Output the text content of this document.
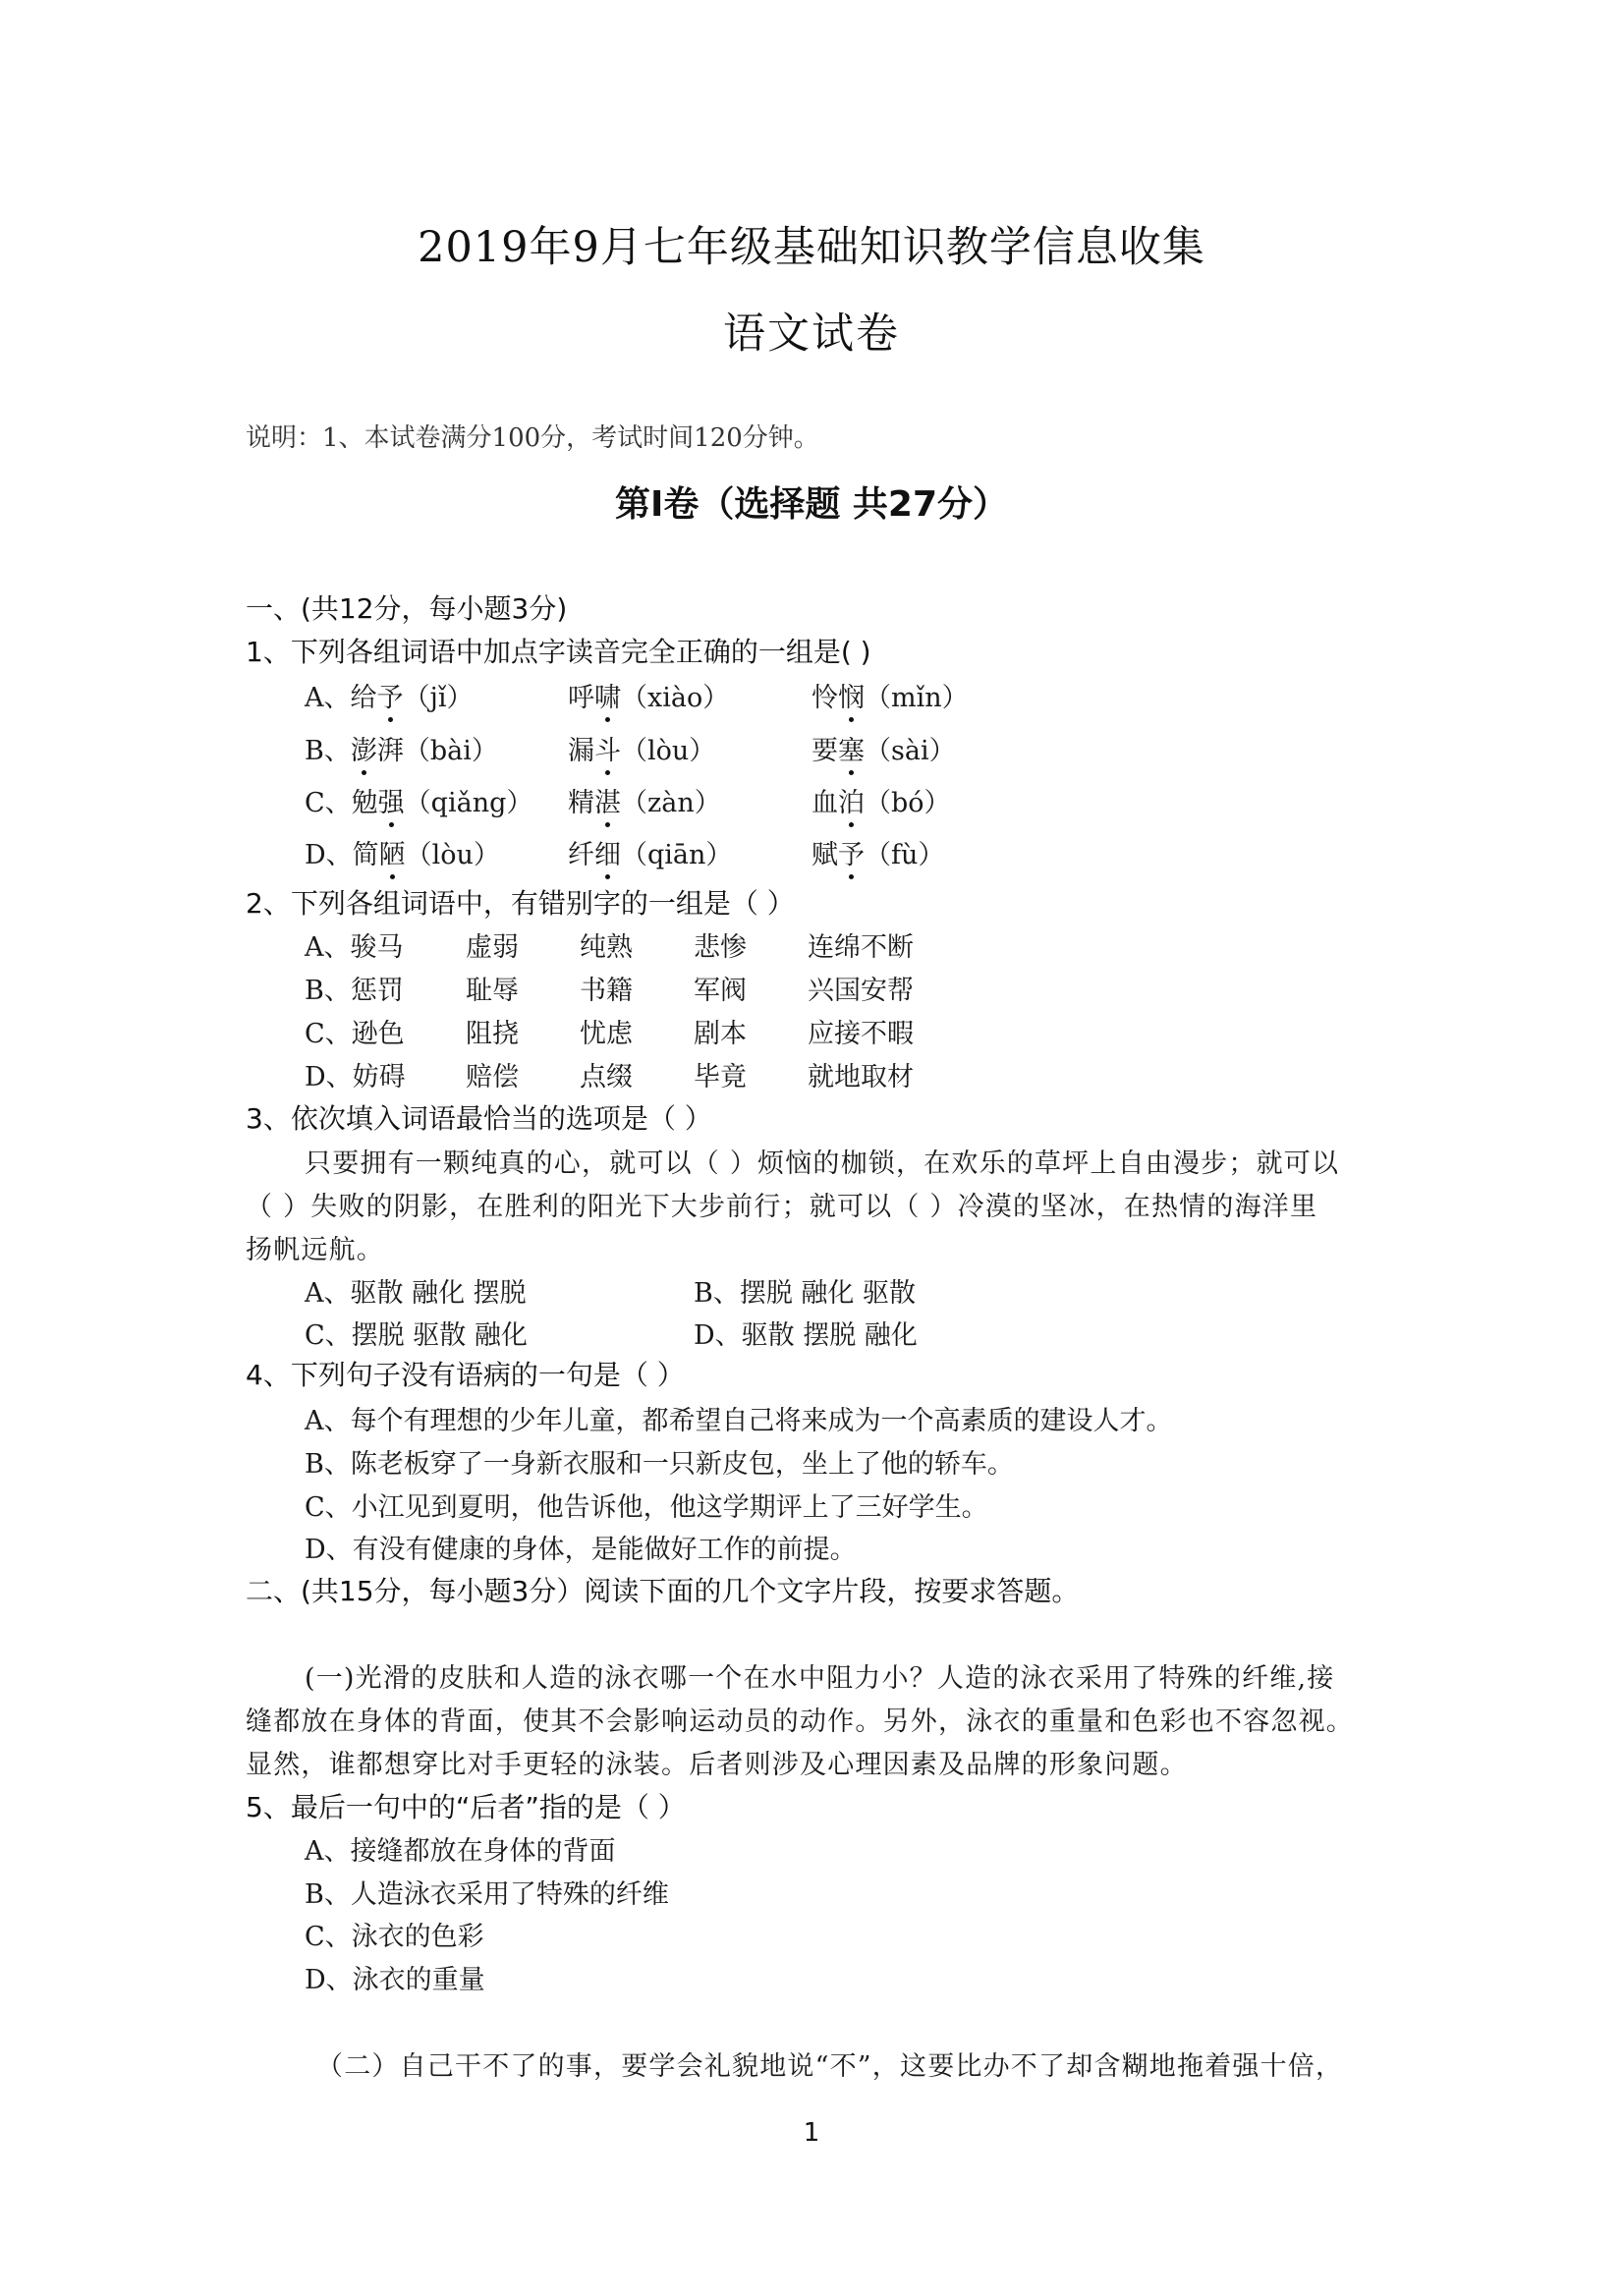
2019年9月七年级基础知识教学信息收集
语文试卷
说明：1、本试卷满分100分，考试时间120分钟。
第Ⅰ卷（选择题 共27分）
一、(共12分，每小题3分)
1、下列各组词语中加点字读音完全正确的一组是( )
A、给予（jǐ）	呼啸（xiào）	怜悯（mǐn）
B、澎湃（bài）	漏斗（lòu）	要塞（sài）
C、勉强（qiǎng） 精湛（zàn）	血泊（bó）
D、简陋（lòu）	纤细（qiān）	赋予（fù）
2、下列各组词语中，有错别字的一组是（ ）
A、骏马 虚弱 纯熟 悲惨 连绵不断
B、惩罚 耻辱 书籍 军阀 兴国安帮
C、逊色 阻挠 忧虑 剧本 应接不暇
D、妨碍 赔偿 点缀 毕竟 就地取材
3、依次填入词语最恰当的选项是（ ）
只要拥有一颗纯真的心，就可以（ ）烦恼的枷锁，在欢乐的草坪上自由漫步；就可以
（ ）失败的阴影，在胜利的阳光下大步前行；就可以（ ）冷漠的坚冰，在热情的海洋里
扬帆远航。
A、驱散 融化 摆脱	B、摆脱 融化 驱散
C、摆脱 驱散 融化	D、驱散 摆脱 融化
4、下列句子没有语病的一句是（ ）
A、每个有理想的少年儿童，都希望自己将来成为一个高素质的建设人才。
B、陈老板穿了一身新衣服和一只新皮包，坐上了他的轿车。
C、小江见到夏明，他告诉他，他这学期评上了三好学生。
D、有没有健康的身体，是能做好工作的前提。
二、(共15分，每小题3分）阅读下面的几个文字片段，按要求答题。
(一)光滑的皮肤和人造的泳衣哪一个在水中阻力小？人造的泳衣采用了特殊的纤维,接
缝都放在身体的背面，使其不会影响运动员的动作。另外，泳衣的重量和色彩也不容忽视。
显然，谁都想穿比对手更轻的泳装。后者则涉及心理因素及品牌的形象问题。
5、最后一句中的“后者”指的是（ ）
A、接缝都放在身体的背面
B、人造泳衣采用了特殊的纤维
C、泳衣的色彩
D、泳衣的重量
（二）自己干不了的事，要学会礼貌地说“不”，这要比办不了却含糊地拖着强十倍，
1
